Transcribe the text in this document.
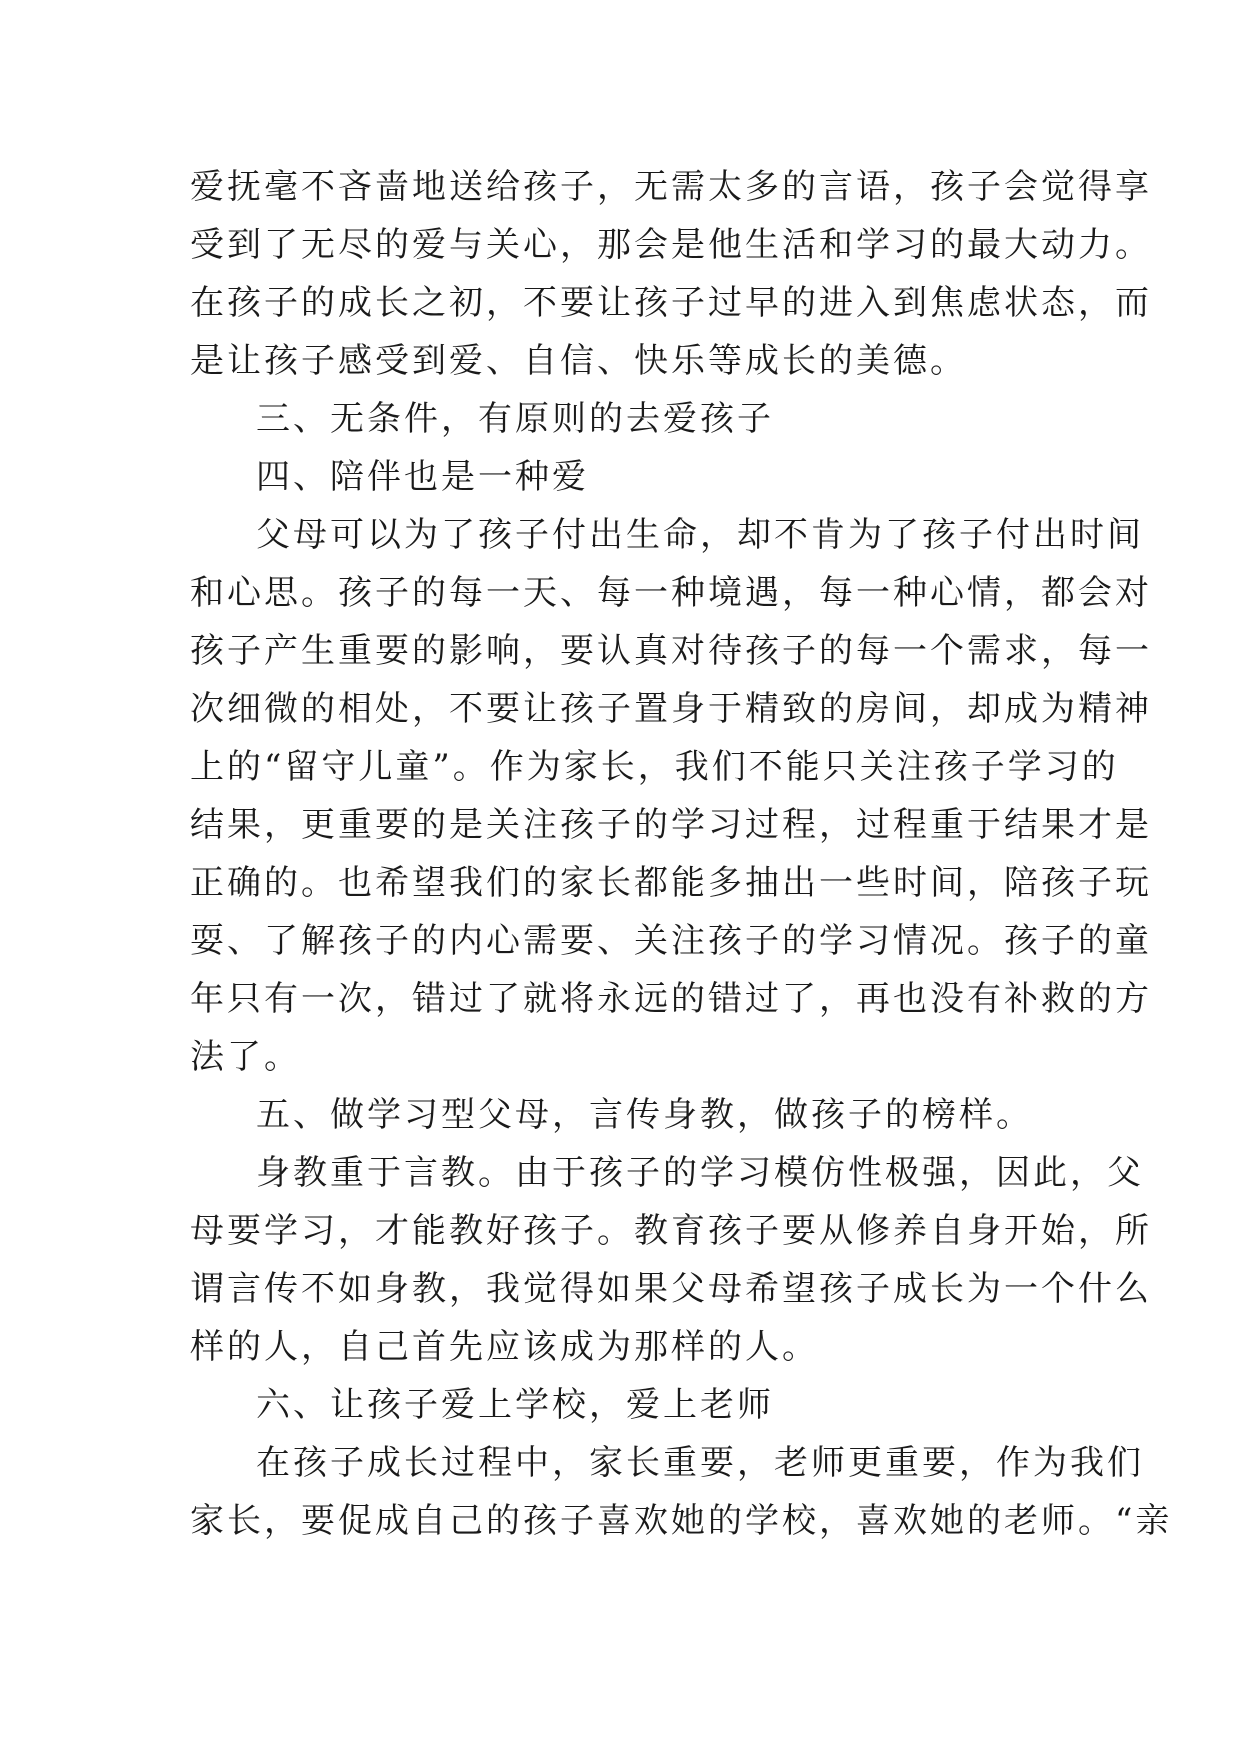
爱抚毫不吝啬地送给孩子，无需太多的言语，孩子会觉得享
受到了无尽的爱与关心，那会是他生活和学习的最大动力。
在孩子的成长之初，不要让孩子过早的进入到焦虑状态，而
是让孩子感受到爱、自信、快乐等成长的美德。
三、无条件，有原则的去爱孩子
四、陪伴也是一种爱
父母可以为了孩子付出生命，却不肯为了孩子付出时间
和心思。孩子的每一天、每一种境遇，每一种心情，都会对
孩子产生重要的影响，要认真对待孩子的每一个需求，每一
次细微的相处，不要让孩子置身于精致的房间，却成为精神
上的“留守儿童”。作为家长，我们不能只关注孩子学习的
结果，更重要的是关注孩子的学习过程，过程重于结果才是
正确的。也希望我们的家长都能多抽出一些时间，陪孩子玩
耍、了解孩子的内心需要、关注孩子的学习情况。孩子的童
年只有一次，错过了就将永远的错过了，再也没有补救的方
法了。
五、做学习型父母，言传身教，做孩子的榜样。
身教重于言教。由于孩子的学习模仿性极强，因此，父
母要学习，才能教好孩子。教育孩子要从修养自身开始，所
谓言传不如身教，我觉得如果父母希望孩子成长为一个什么
样的人，自己首先应该成为那样的人。
六、让孩子爱上学校，爱上老师
在孩子成长过程中，家长重要，老师更重要，作为我们
家长，要促成自己的孩子喜欢她的学校，喜欢她的老师。“亲
